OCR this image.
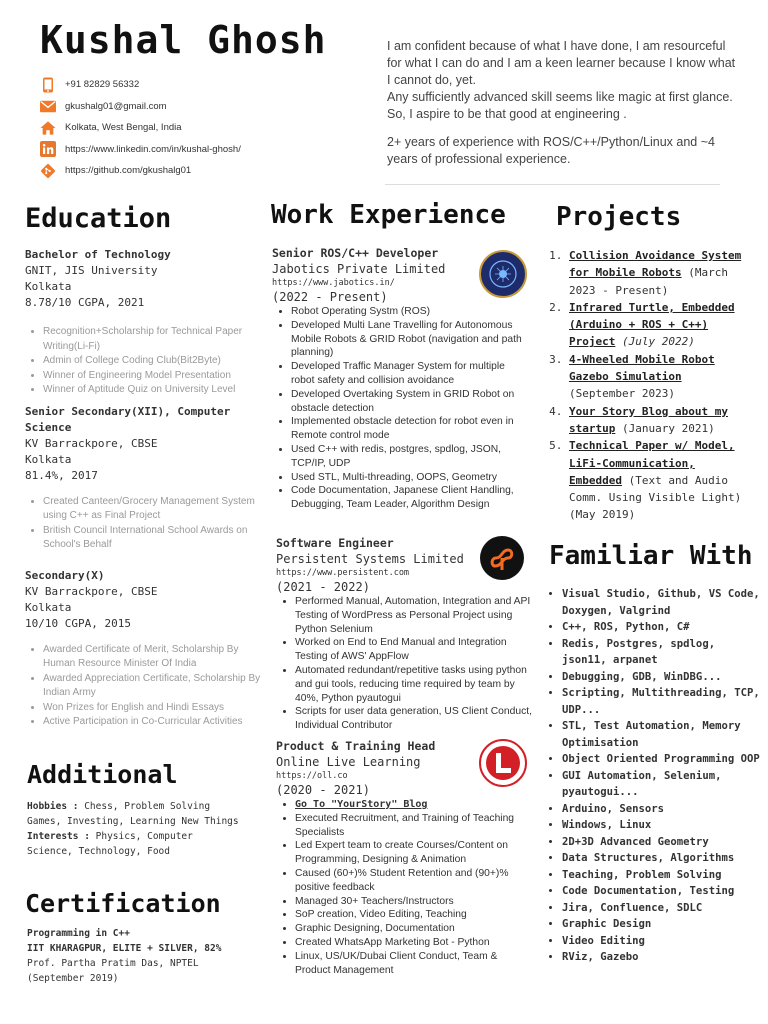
Kushal Ghosh
+91 82829 56332
gkushalg01@gmail.com
Kolkata, West Bengal, India
https://www.linkedin.com/in/kushal-ghosh/
https://github.com/gkushalg01

I am confident because of what I have done, I am resourceful for what I can do and I am a keen learner because I know what I cannot do, yet.

Any sufficiently advanced skill seems like magic at first glance. So, I aspire to be that good at engineering .

2+ years of experience with ROS/C++/Python/Linux and ~4 years of professional experience.

Education
Bachelor of Technology
GNIT, JIS University
Kolkata
8.78/10 CGPA, 2021
• Recognition+Scholarship for Technical Paper Writing(Li-Fi)
• Admin of College Coding Club(Bit2Byte)
• Winner of Engineering Model Presentation
• Winner of Aptitude Quiz on University Level
Senior Secondary(XII), Computer Science
KV Barrackpore, CBSE
Kolkata
81.4%, 2017
• Created Canteen/Grocery Management System using C++ as Final Project
• British Council International School Awards on School's Behalf
Secondary(X)
KV Barrackpore, CBSE
Kolkata
10/10 CGPA, 2015
• Awarded Certificate of Merit, Scholarship By Human Resource Minister Of India
• Awarded Appreciation Certificate, Scholarship By Indian Army
• Won Prizes for English and Hindi Essays
• Active Participation in Co-Curricular Activities
Additional
Hobbies : Chess, Problem Solving Games, Investing, Learning New Things
Interests : Physics, Computer Science, Technology, Food
Certification
Programming in C++
IIT KHARAGPUR, ELITE + SILVER, 82%
Prof. Partha Pratim Das, NPTEL
(September 2019)
Work Experience
Senior ROS/C++ Developer
Jabotics Private Limited
https://www.jabotics.in/
(2022 - Present)
• Robot Operating Systm (ROS)
• Developed Multi Lane Travelling for Autonomous Mobile Robots & GRID Robot (navigation and path planning)
• Developed Traffic Manager System for multiple robot safety and collision avoidance
• Developed Overtaking System in GRID Robot on obstacle detection
• Implemented obstacle detection for robot even in Remote control mode
• Used C++ with redis, postgres, spdlog, JSON, TCP/IP, UDP
• Used STL, Multi-threading, OOPS, Geometry
• Code Documentation, Japanese Client Handling, Debugging, Team Leader, Algorithm Design
Software Engineer
Persistent Systems Limited
https://www.persistent.com
(2021 - 2022)
• Performed Manual, Automation, Integration and API Testing of WordPress as Personal Project using Python Selenium
• Worked on End to End Manual and Integration Testing of AWS' AppFlow
• Automated redundant/repetitive tasks using python and gui tools, reducing time required by team by 40%, Python pyautogui
• Scripts for user data generation, US Client Conduct, Individual Contributor
Product & Training Head
Online Live Learning
https://oll.co
(2020 - 2021)
• Go To "YourStory" Blog
• Executed Recruitment, and Training of Teaching Specialists
• Led Expert team to create Courses/Content on Programming, Designing & Animation
• Caused (60+)% Student Retention and (90+)% positive feedback
• Managed 30+ Teachers/Instructors
• SoP creation, Video Editing, Teaching
• Graphic Designing, Documentation
• Created WhatsApp Marketing Bot - Python
• Linux, US/UK/Dubai Client Conduct, Team & Product Management
Projects
1. Collision Avoidance System for Mobile Robots (March 2023 - Present)
2. Infrared Turtle, Embedded (Arduino + ROS + C++) Project (July 2022)
3. 4-Wheeled Mobile Robot Gazebo Simulation (September 2023)
4. Your Story Blog about my startup (January 2021)
5. Technical Paper w/ Model, LiFi-Communication, Embedded (Text and Audio Comm. Using Visible Light) (May 2019)
Familiar With
• Visual Studio, Github, VS Code, Doxygen, Valgrind
• C++, ROS, Python, C#
• Redis, Postgres, spdlog, json11, arpanet
• Debugging, GDB, WinDBG...
• Scripting, Multithreading, TCP, UDP...
• STL, Test Automation, Memory Optimisation
• Object Oriented Programming OOP
• GUI Automation, Selenium, pyautogui...
• Arduino, Sensors
• Windows, Linux
• 2D+3D Advanced Geometry
• Data Structures, Algorithms
• Teaching, Problem Solving
• Code Documentation, Testing
• Jira, Confluence, SDLC
• Graphic Design
• Video Editing
• RViz, Gazebo
